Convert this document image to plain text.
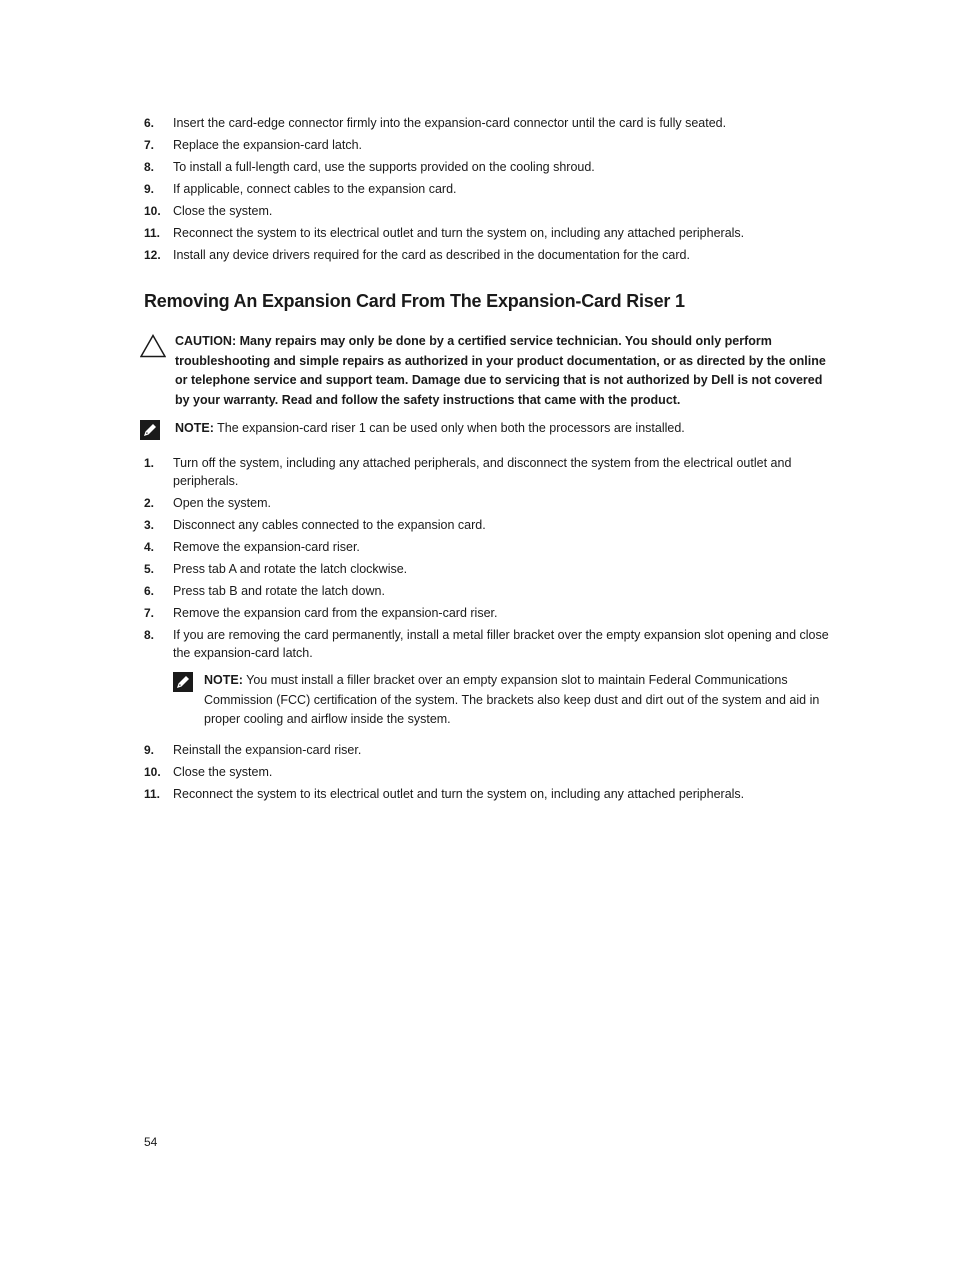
6. Insert the card-edge connector firmly into the expansion-card connector until the card is fully seated.
7. Replace the expansion-card latch.
8. To install a full-length card, use the supports provided on the cooling shroud.
9. If applicable, connect cables to the expansion card.
10. Close the system.
11. Reconnect the system to its electrical outlet and turn the system on, including any attached peripherals.
12. Install any device drivers required for the card as described in the documentation for the card.
Removing An Expansion Card From The Expansion-Card Riser 1
CAUTION: Many repairs may only be done by a certified service technician. You should only perform troubleshooting and simple repairs as authorized in your product documentation, or as directed by the online or telephone service and support team. Damage due to servicing that is not authorized by Dell is not covered by your warranty. Read and follow the safety instructions that came with the product.
NOTE: The expansion-card riser 1 can be used only when both the processors are installed.
1. Turn off the system, including any attached peripherals, and disconnect the system from the electrical outlet and peripherals.
2. Open the system.
3. Disconnect any cables connected to the expansion card.
4. Remove the expansion-card riser.
5. Press tab A and rotate the latch clockwise.
6. Press tab B and rotate the latch down.
7. Remove the expansion card from the expansion-card riser.
8. If you are removing the card permanently, install a metal filler bracket over the empty expansion slot opening and close the expansion-card latch.
9. Reinstall the expansion-card riser.
10. Close the system.
11. Reconnect the system to its electrical outlet and turn the system on, including any attached peripherals.
NOTE: You must install a filler bracket over an empty expansion slot to maintain Federal Communications Commission (FCC) certification of the system. The brackets also keep dust and dirt out of the system and aid in proper cooling and airflow inside the system.
54
